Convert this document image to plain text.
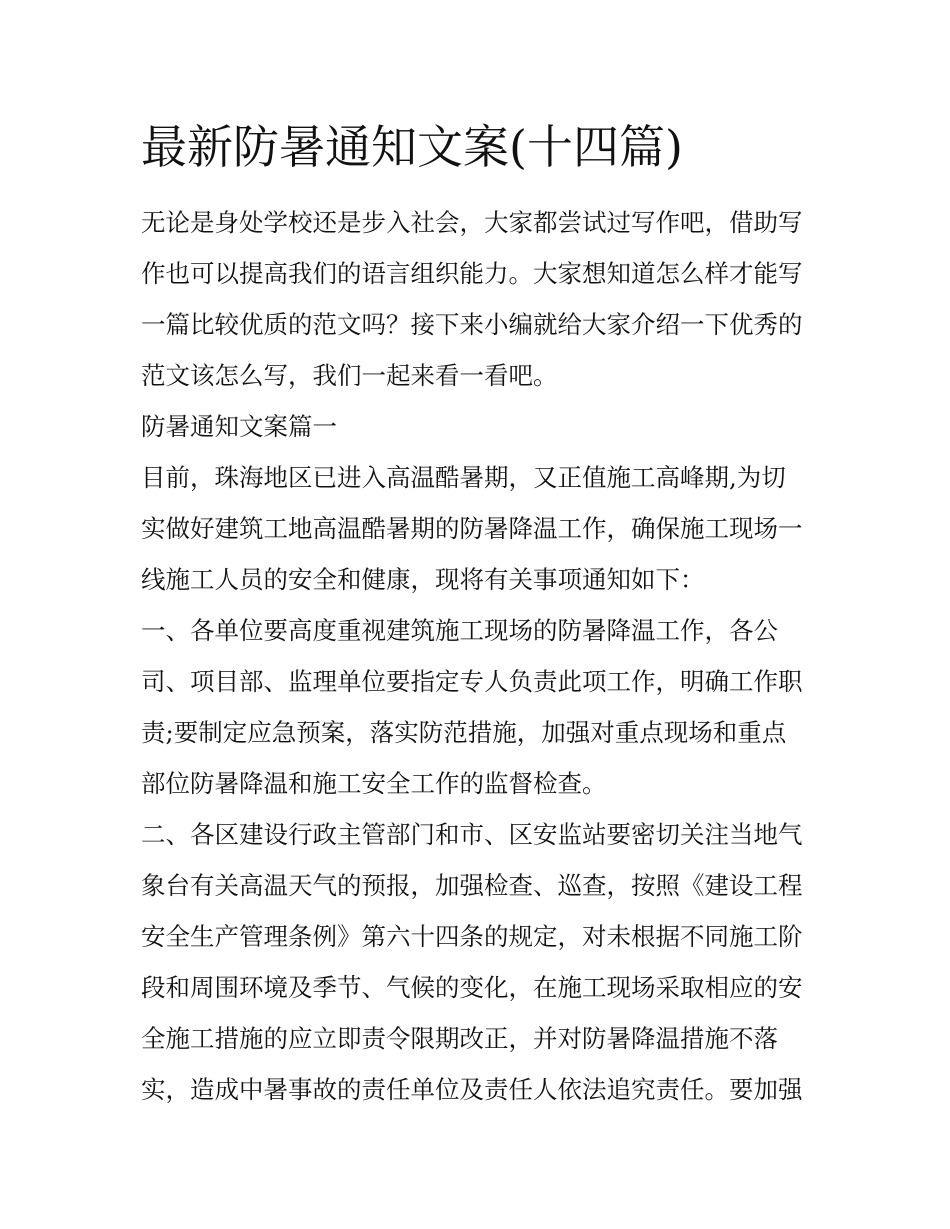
最新防暑通知文案(十四篇)
无论是身处学校还是步入社会，大家都尝试过写作吧，借助写
作也可以提高我们的语言组织能力。大家想知道怎么样才能写
一篇比较优质的范文吗？接下来小编就给大家介绍一下优秀的
范文该怎么写，我们一起来看一看吧。
防暑通知文案篇一
目前，珠海地区已进入高温酷暑期，又正值施工高峰期,为切
实做好建筑工地高温酷暑期的防暑降温工作，确保施工现场一
线施工人员的安全和健康，现将有关事项通知如下：
一、各单位要高度重视建筑施工现场的防暑降温工作，各公
司、项目部、监理单位要指定专人负责此项工作，明确工作职
责;要制定应急预案，落实防范措施，加强对重点现场和重点
部位防暑降温和施工安全工作的监督检查。
二、各区建设行政主管部门和市、区安监站要密切关注当地气
象台有关高温天气的预报，加强检查、巡查，按照《建设工程
安全生产管理条例》第六十四条的规定，对未根据不同施工阶
段和周围环境及季节、气候的变化，在施工现场采取相应的安
全施工措施的应立即责令限期改正，并对防暑降温措施不落
实，造成中暑事故的责任单位及责任人依法追究责任。要加强
